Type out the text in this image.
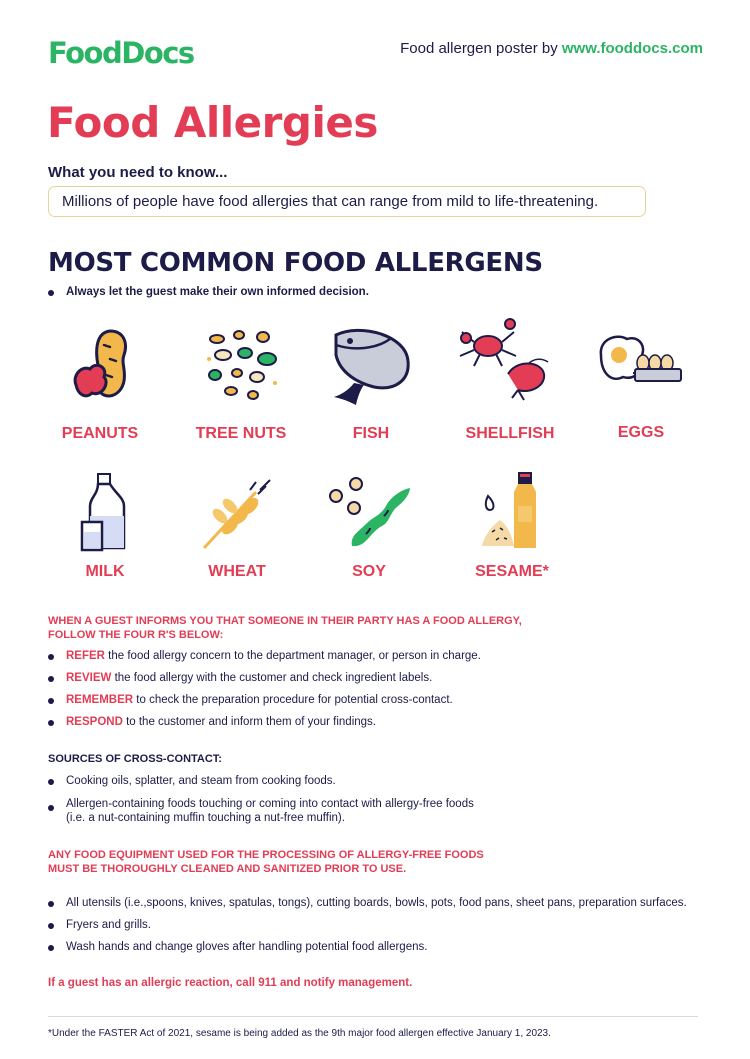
FoodDocs	Food allergen poster by www.fooddocs.com
Food Allergies
What you need to know...
Millions of people have food allergies that can range from mild to life-threatening.
MOST COMMON FOOD ALLERGENS
Always let the guest make their own informed decision.
PEANUTS	TREE NUTS	FISH	SHELLFISH	EGGS
MILK	WHEAT	SOY	SESAME*
WHEN A GUEST INFORMS YOU THAT SOMEONE IN THEIR PARTY HAS A FOOD ALLERGY,
FOLLOW THE FOUR R'S BELOW:
REFER the food allergy concern to the department manager, or person in charge.
REVIEW the food allergy with the customer and check ingredient labels.
REMEMBER to check the preparation procedure for potential cross-contact.
RESPOND to the customer and inform them of your findings.
SOURCES OF CROSS-CONTACT:
Cooking oils, splatter, and steam from cooking foods.
Allergen-containing foods touching or coming into contact with allergy-free foods
(i.e. a nut-containing muffin touching a nut-free muffin).
ANY FOOD EQUIPMENT USED FOR THE PROCESSING OF ALLERGY-FREE FOODS
MUST BE THOROUGHLY CLEANED AND SANITIZED PRIOR TO USE.
All utensils (i.e.,spoons, knives, spatulas, tongs), cutting boards, bowls, pots, food pans, sheet pans, preparation surfaces.
Fryers and grills.
Wash hands and change gloves after handling potential food allergens.
If a guest has an allergic reaction, call 911 and notify management.
*Under the FASTER Act of 2021, sesame is being added as the 9th major food allergen effective January 1, 2023.
